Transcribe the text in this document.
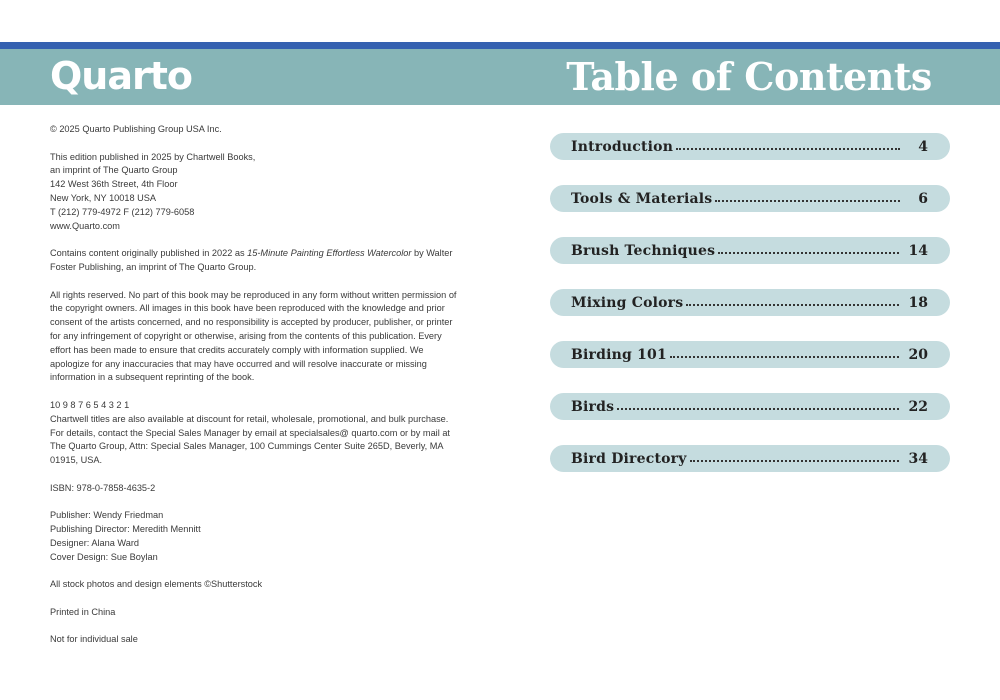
Quarto	Table of Contents

© 2025 Quarto Publishing Group USA Inc.

This edition published in 2025 by Chartwell Books,
an imprint of The Quarto Group
142 West 36th Street, 4th Floor
New York, NY 10018 USA
T (212) 779-4972 F (212) 779-6058
www.Quarto.com

Contains content originally published in 2022 as 15-Minute Painting Effortless Watercolor by Walter Foster Publishing, an imprint of The Quarto Group.

All rights reserved. No part of this book may be reproduced in any form without written permission of the copyright owners. All images in this book have been reproduced with the knowledge and prior consent of the artists concerned, and no responsibility is accepted by producer, publisher, or printer for any infringement of copyright or otherwise, arising from the contents of this publication. Every effort has been made to ensure that credits accurately comply with information supplied. We apologize for any inaccuracies that may have occurred and will resolve inaccurate or missing information in a subsequent reprinting of the book.

10 9 8 7 6 5 4 3 2 1
Chartwell titles are also available at discount for retail, wholesale, promotional, and bulk purchase. For details, contact the Special Sales Manager by email at specialsales@ quarto.com or by mail at The Quarto Group, Attn: Special Sales Manager, 100 Cummings Center Suite 265D, Beverly, MA 01915, USA.

ISBN: 978-0-7858-4635-2

Publisher: Wendy Friedman
Publishing Director: Meredith Mennitt
Designer: Alana Ward
Cover Design: Sue Boylan

All stock photos and design elements ©Shutterstock

Printed in China

Not for individual sale

Introduction	4
Tools & Materials	6
Brush Techniques	14
Mixing Colors	18
Birding 101	20
Birds	22
Bird Directory	34
